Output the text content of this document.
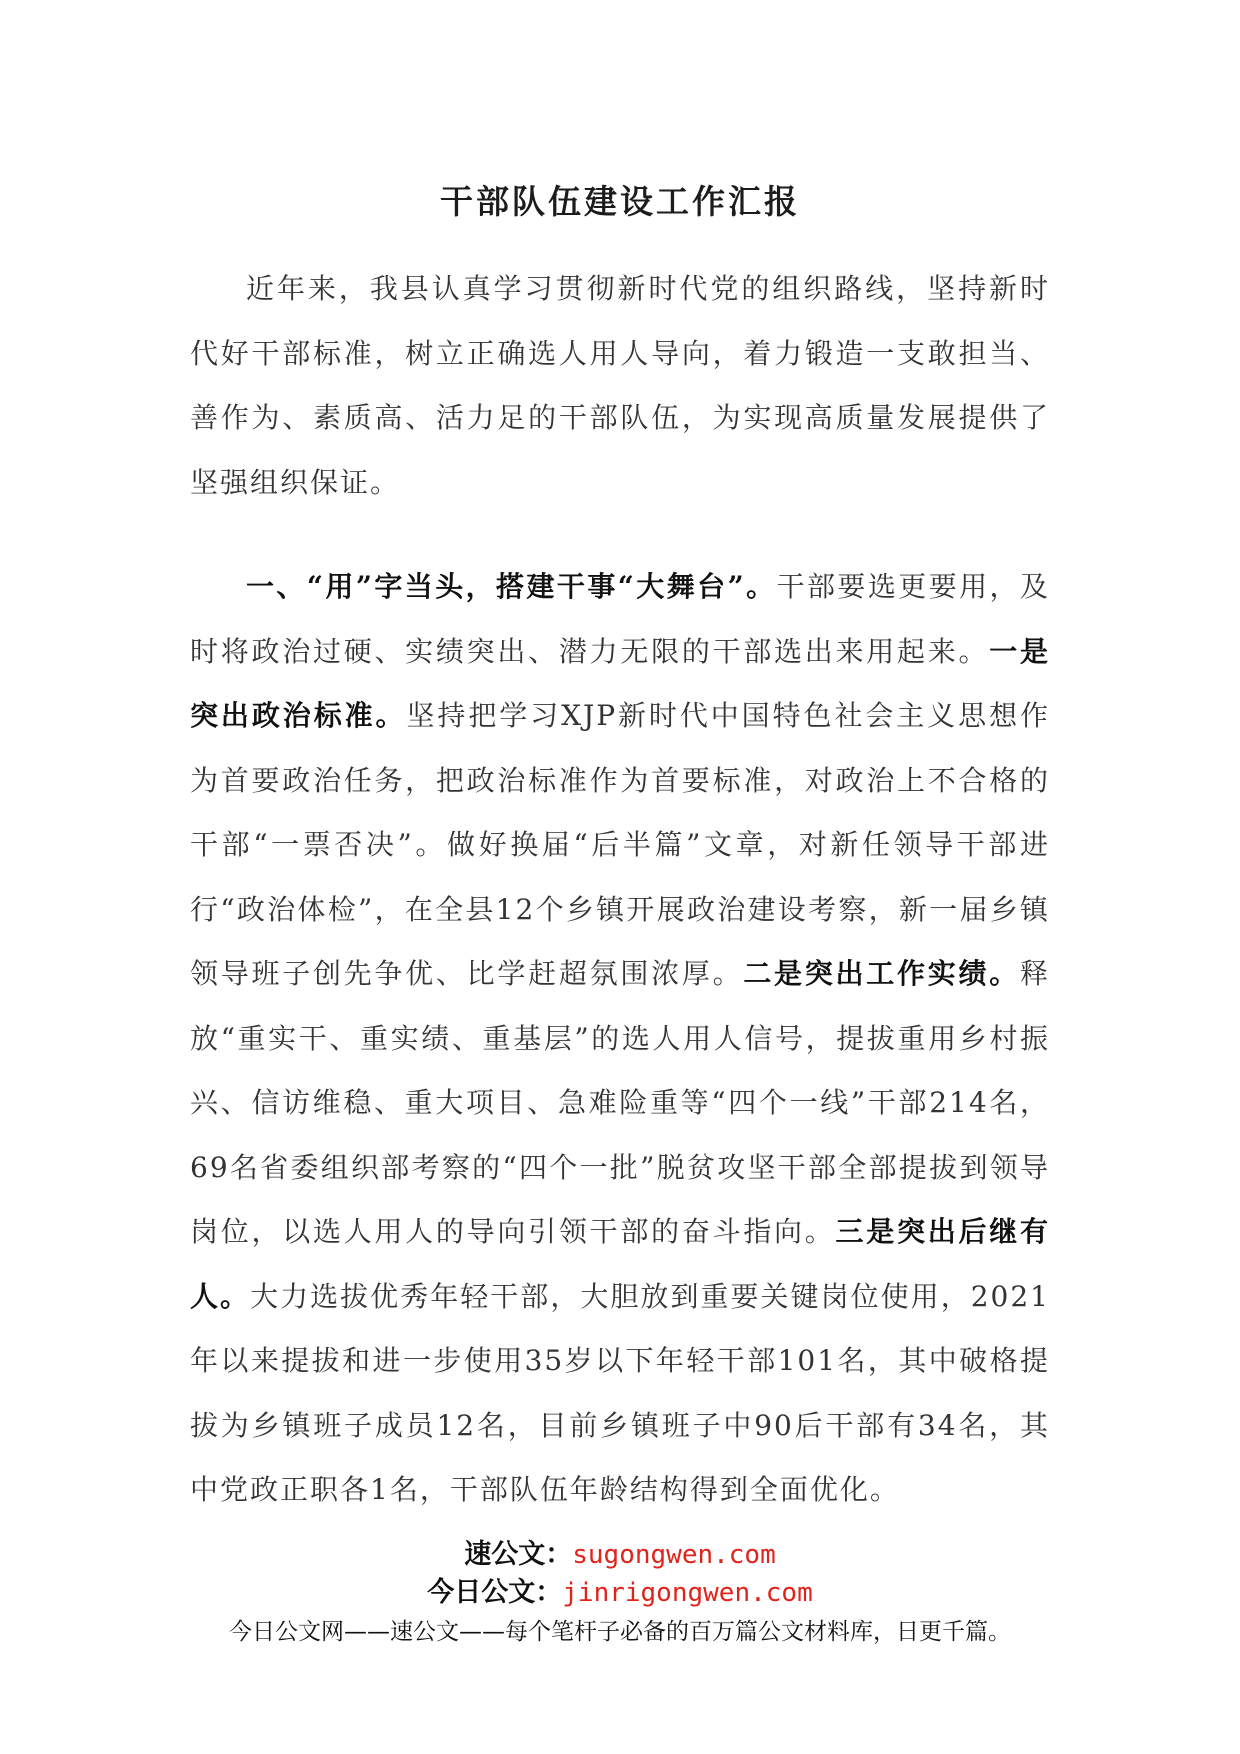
干部队伍建设工作汇报

近年来，我县认真学习贯彻新时代党的组织路线，坚持新时代好干部标准，树立正确选人用人导向，着力锻造一支敢担当、善作为、素质高、活力足的干部队伍，为实现高质量发展提供了坚强组织保证。

一、“用”字当头，搭建干事“大舞台”。干部要选更要用，及时将政治过硬、实绩突出、潜力无限的干部选出来用起来。一是突出政治标准。坚持把学习XJP新时代中国特色社会主义思想作为首要政治任务，把政治标准作为首要标准，对政治上不合格的干部“一票否决”。做好换届“后半篇”文章，对新任领导干部进行“政治体检”，在全县12个乡镇开展政治建设考察，新一届乡镇领导班子创先争优、比学赶超氛围浓厚。二是突出工作实绩。释放“重实干、重实绩、重基层”的选人用人信号，提拔重用乡村振兴、信访维稳、重大项目、急难险重等“四个一线”干部214名，69名省委组织部考察的“四个一批”脱贫攻坚干部全部提拔到领导岗位，以选人用人的导向引领干部的奋斗指向。三是突出后继有人。大力选拔优秀年轻干部，大胆放到重要关键岗位使用，2021年以来提拔和进一步使用35岁以下年轻干部101名，其中破格提拔为乡镇班子成员12名，目前乡镇班子中90后干部有34名，其中党政正职各1名，干部队伍年龄结构得到全面优化。

速公文：sugongwen.com
今日公文：jinrigongwen.com
今日公文网——速公文——每个笔杆子必备的百万篇公文材料库，日更千篇。
